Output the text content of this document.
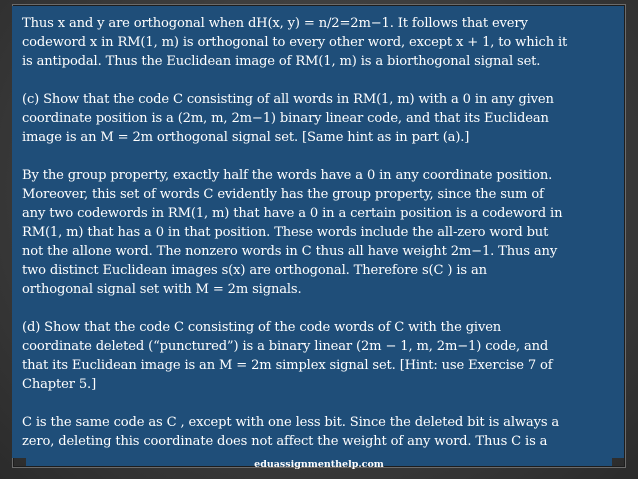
Thus x and y are orthogonal when dH(x, y) = n/2=2m−1. It follows that every
codeword x in RM(1, m) is orthogonal to every other word, except x + 1, to which it
is antipodal. Thus the Euclidean image of RM(1, m) is a biorthogonal signal set.

(c) Show that the code C consisting of all words in RM(1, m) with a 0 in any given
coordinate position is a (2m, m, 2m−1) binary linear code, and that its Euclidean
image is an M = 2m orthogonal signal set. [Same hint as in part (a).]

By the group property, exactly half the words have a 0 in any coordinate position.
Moreover, this set of words C evidently has the group property, since the sum of
any two codewords in RM(1, m) that have a 0 in a certain position is a codeword in
RM(1, m) that has a 0 in that position. These words include the all-zero word but
not the allone word. The nonzero words in C thus all have weight 2m−1. Thus any
two distinct Euclidean images s(x) are orthogonal. Therefore s(C ) is an
orthogonal signal set with M = 2m signals.

(d) Show that the code C consisting of the code words of C with the given
coordinate deleted (“punctured”) is a binary linear (2m − 1, m, 2m−1) code, and
that its Euclidean image is an M = 2m simplex signal set. [Hint: use Exercise 7 of
Chapter 5.]

C is the same code as C , except with one less bit. Since the deleted bit is always a
zero, deleting this coordinate does not affect the weight of any word. Thus C is a

eduassignmenthelp.com
